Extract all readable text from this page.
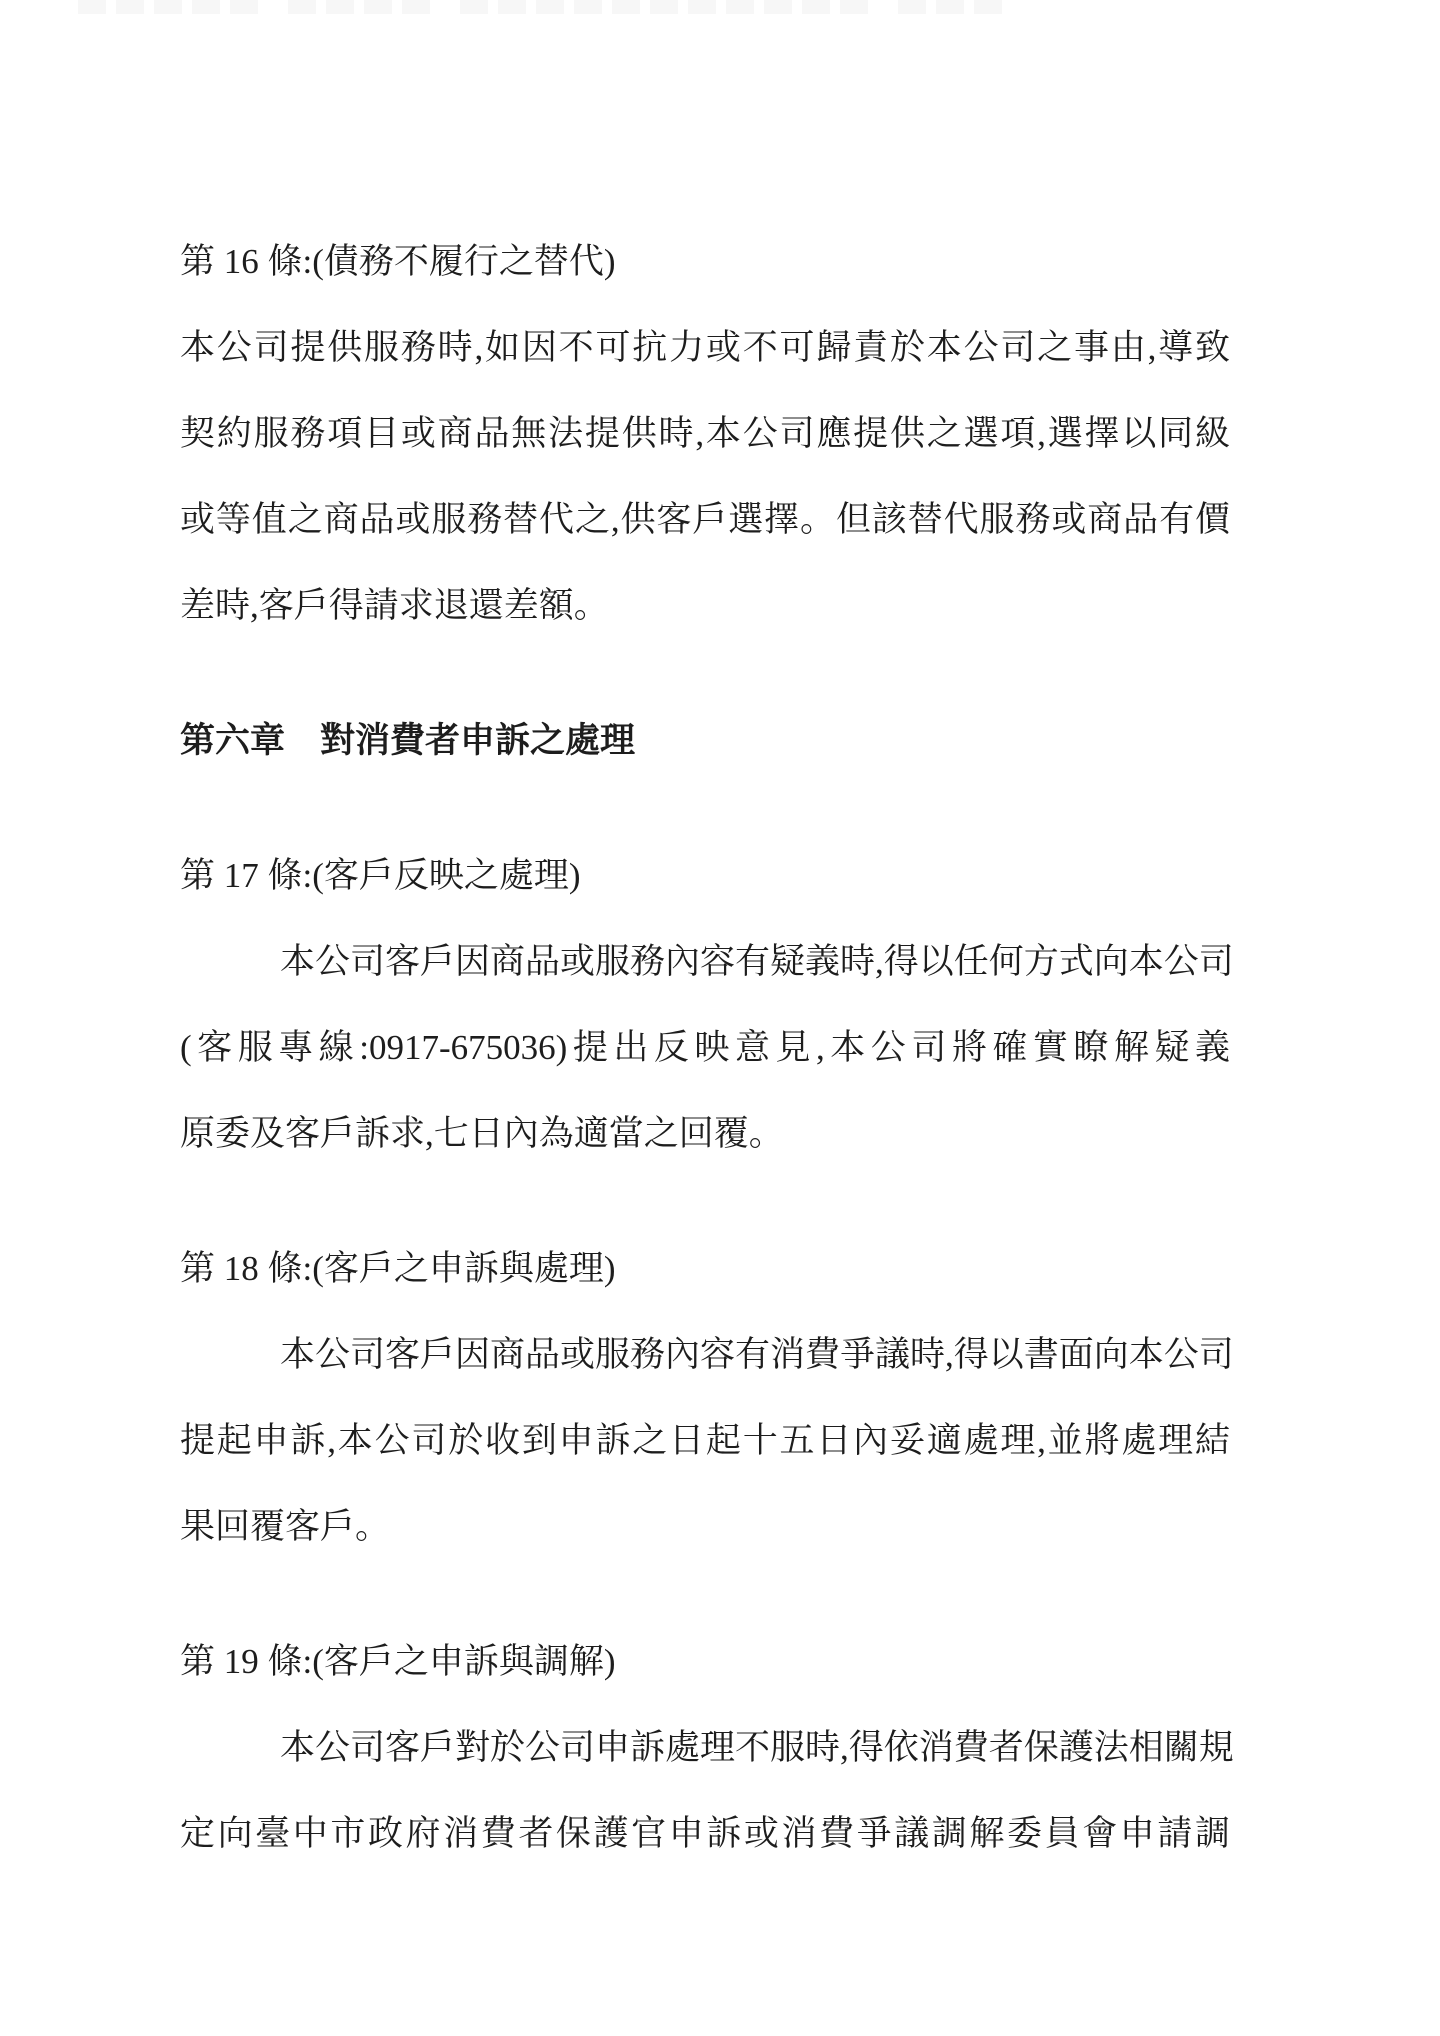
第 16 條:(債務不履行之替代)
本公司提供服務時,如因不可抗力或不可歸責於本公司之事由,導致
契約服務項目或商品無法提供時,本公司應提供之選項,選擇以同級
或等值之商品或服務替代之,供客戶選擇。但該替代服務或商品有價
差時,客戶得請求退還差額。
第六章　對消費者申訴之處理
第 17 條:(客戶反映之處理)
本公司客戶因商品或服務內容有疑義時,得以任何方式向本公司
(客服專線:0917-675036)提出反映意見,本公司將確實瞭解疑義
原委及客戶訴求,七日內為適當之回覆。
第 18 條:(客戶之申訴與處理)
本公司客戶因商品或服務內容有消費爭議時,得以書面向本公司
提起申訴,本公司於收到申訴之日起十五日內妥適處理,並將處理結
果回覆客戶。
第 19 條:(客戶之申訴與調解)
本公司客戶對於公司申訴處理不服時,得依消費者保護法相關規
定向臺中市政府消費者保護官申訴或消費爭議調解委員會申請調
